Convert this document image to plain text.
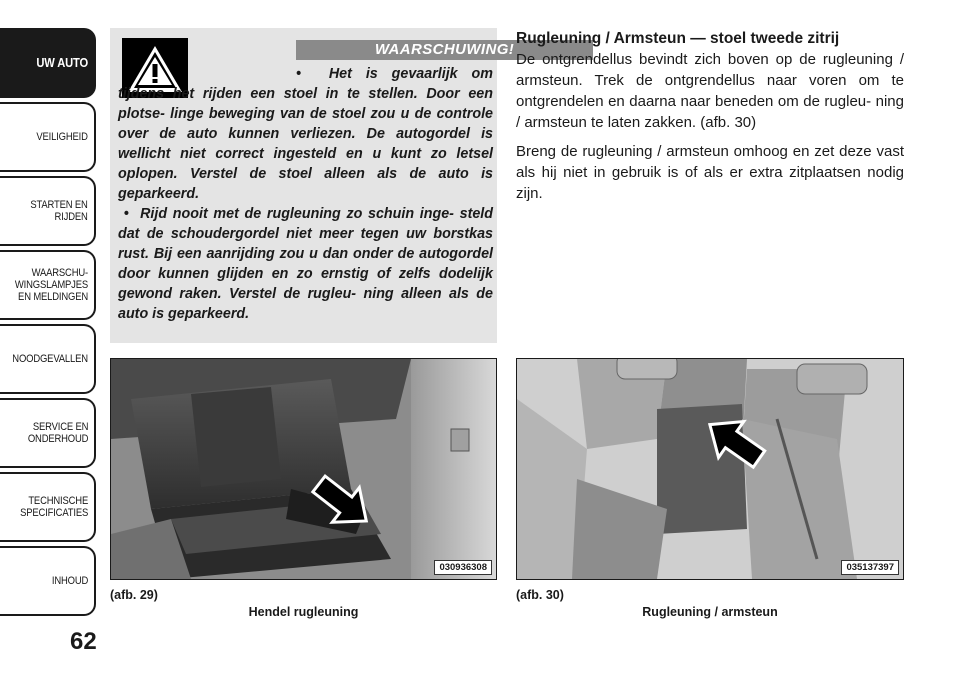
UW AUTO
VEILIGHEID
STARTEN EN
RIJDEN
WAARSCHU-
WINGSLAMPJES
EN MELDINGEN
NOODGEVALLEN
SERVICE EN
ONDERHOUD
TECHNISCHE
SPECIFICATIES
INHOUD
62
WAARSCHUWING!

•  Het is gevaarlijk om tijdens het rijden een stoel in te stellen. Door een plotse- linge beweging van de stoel zou u de controle over de auto kunnen verliezen. De autogordel is wellicht niet correct ingesteld en u kunt zo letsel oplopen. Verstel de stoel alleen als de auto is geparkeerd.

•  Rijd nooit met de rugleuning zo schuin inge- steld dat de schoudergordel niet meer tegen uw borstkas rust. Bij een aanrijding zou u dan onder de autogordel door kunnen glijden en zo ernstig of zelfs dodelijk gewond raken. Verstel de rugleu- ning alleen als de auto is geparkeerd.

Rugleuning / Armsteun — stoel tweede zitrij

De ontgrendellus bevindt zich boven op de rugleuning / armsteun. Trek de ontgrendellus naar voren om te ontgrendelen en daarna naar beneden om de rugleu- ning / armsteun te laten zakken. (afb. 30)

Breng de rugleuning / armsteun omhoog en zet deze vast als hij niet in gebruik is of als er extra zitplaatsen nodig zijn.

030936308
(afb. 29)
Hendel rugleuning
035137397
(afb. 30)
Rugleuning / armsteun
